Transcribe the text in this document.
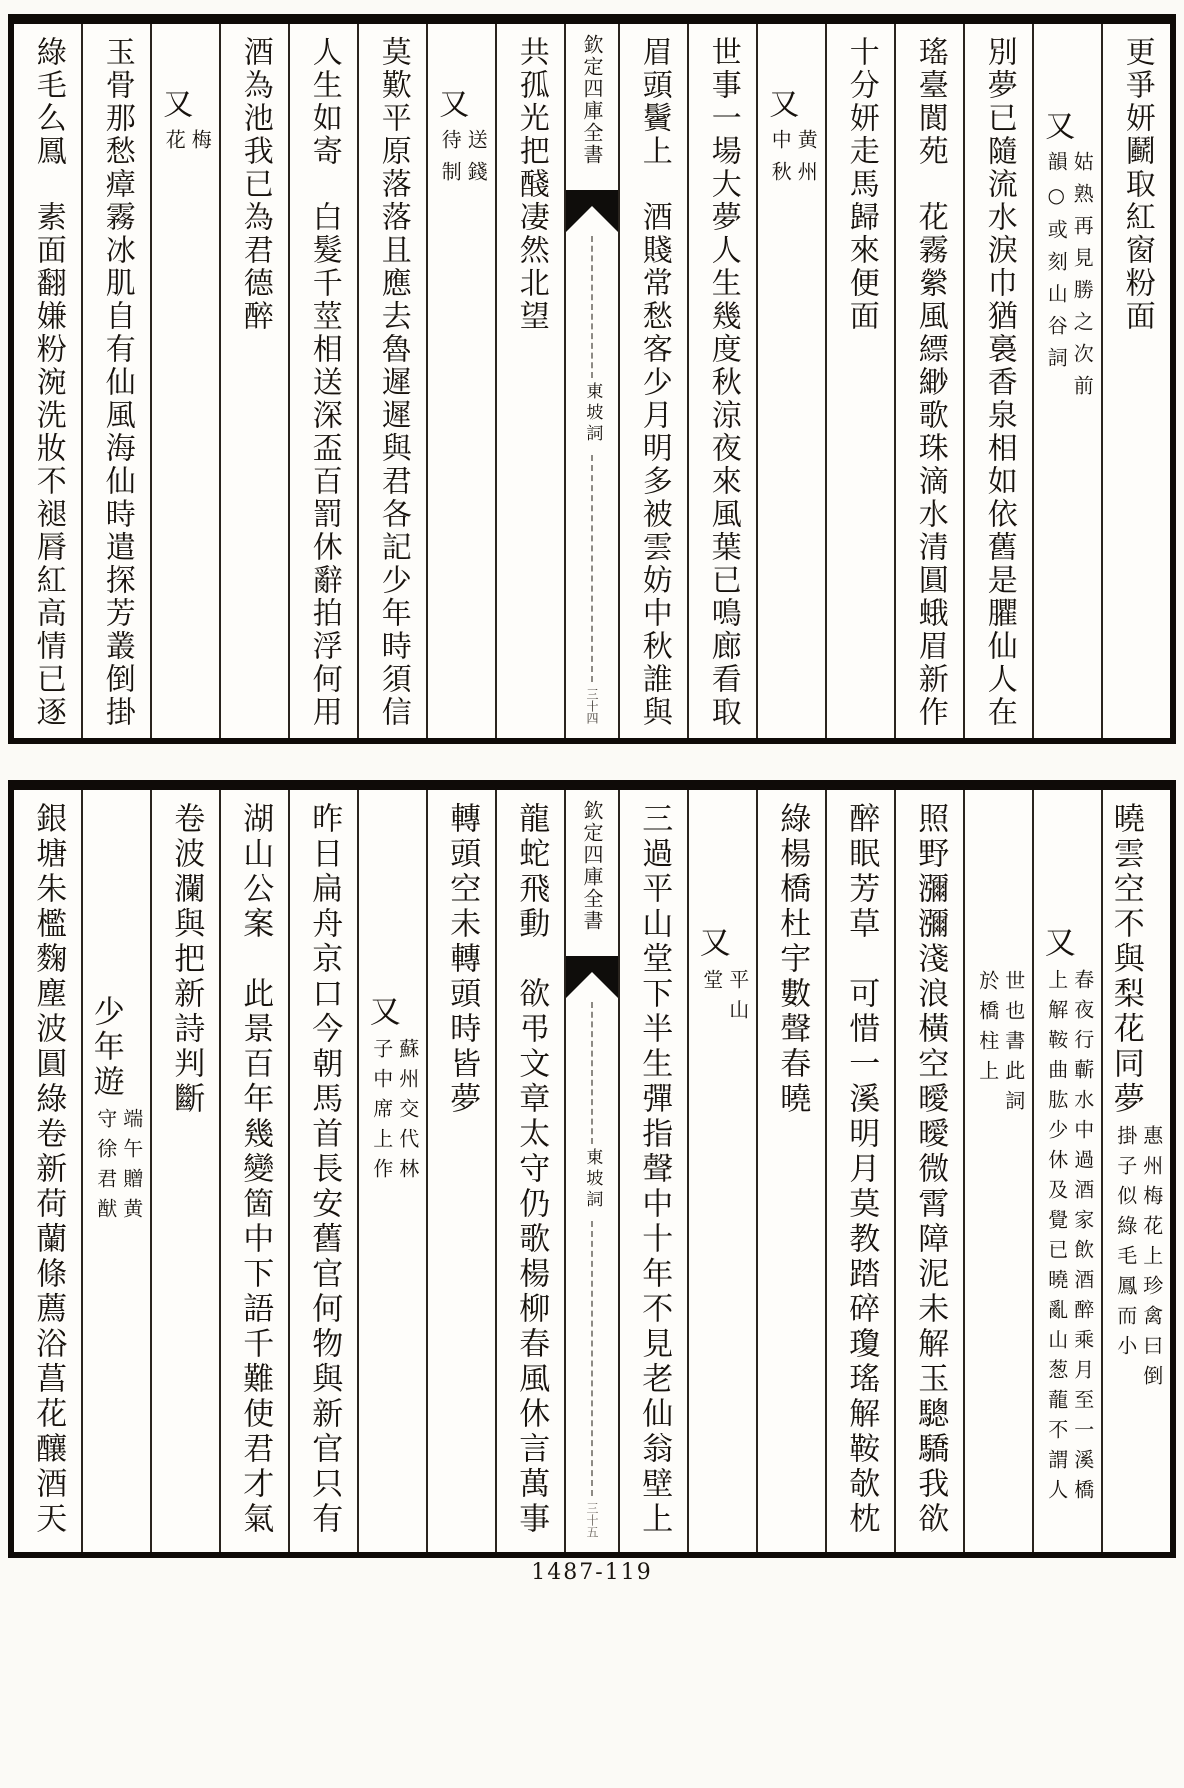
更爭妍鬬取紅窗粉面
又
姑熟再見勝之次前
韻○或刻山谷詞
別夢已隨流水淚巾猶裛香泉相如依舊是臞仙人在
瑤臺閬苑　花霧縈風縹緲歌珠滴水清圓蛾眉新作
十分妍走馬歸來便面
又
黄州
中秋
世事一場大夢人生幾度秋涼夜來風葉已鳴廊看取
眉頭鬢上　酒賤常愁客少月明多被雲妨中秋誰與
欽定四庫全書
東坡詞
三十四
共孤光把醆凄然北望
又
送錢
待制
莫歎平原落落且應去魯遲遲與君各記少年時須信
人生如寄　白髮千莖相送深盃百罰休辭拍浮何用
酒為池我已為君德醉
又
梅
花
玉骨那愁瘴霧冰肌自有仙風海仙時遣探芳叢倒掛
綠毛么鳳　素面翻嫌粉涴洗妝不褪脣紅高情已逐
曉雲空不與梨花同夢
惠州梅花上珍禽曰倒
掛子似綠毛鳳而小
又
春夜行蘄水中過酒家飲酒醉乘月至一溪橋
上解鞍曲肱少休及覺已曉亂山葱蘢不謂人
世也書此詞
於橋柱上
照野瀰瀰淺浪橫空曖曖微霄障泥未解玉驄驕我欲
醉眠芳草　可惜一溪明月莫教踏碎瓊瑤解鞍欹枕
綠楊橋杜宇數聲春曉
又
平山
堂
三過平山堂下半生彈指聲中十年不見老仙翁壁上
欽定四庫全書
東坡詞
三十五
龍蛇飛動　欲弔文章太守仍歌楊柳春風休言萬事
轉頭空未轉頭時皆夢
又
蘇州交代林
子中席上作
昨日扁舟京口今朝馬首長安舊官何物與新官只有
湖山公案　此景百年幾變箇中下語千難使君才氣
卷波瀾與把新詩判斷
少年遊
端午贈黄
守徐君猷
銀塘朱檻麴塵波圓綠卷新荷蘭條薦浴菖花釀酒天
1487-119
